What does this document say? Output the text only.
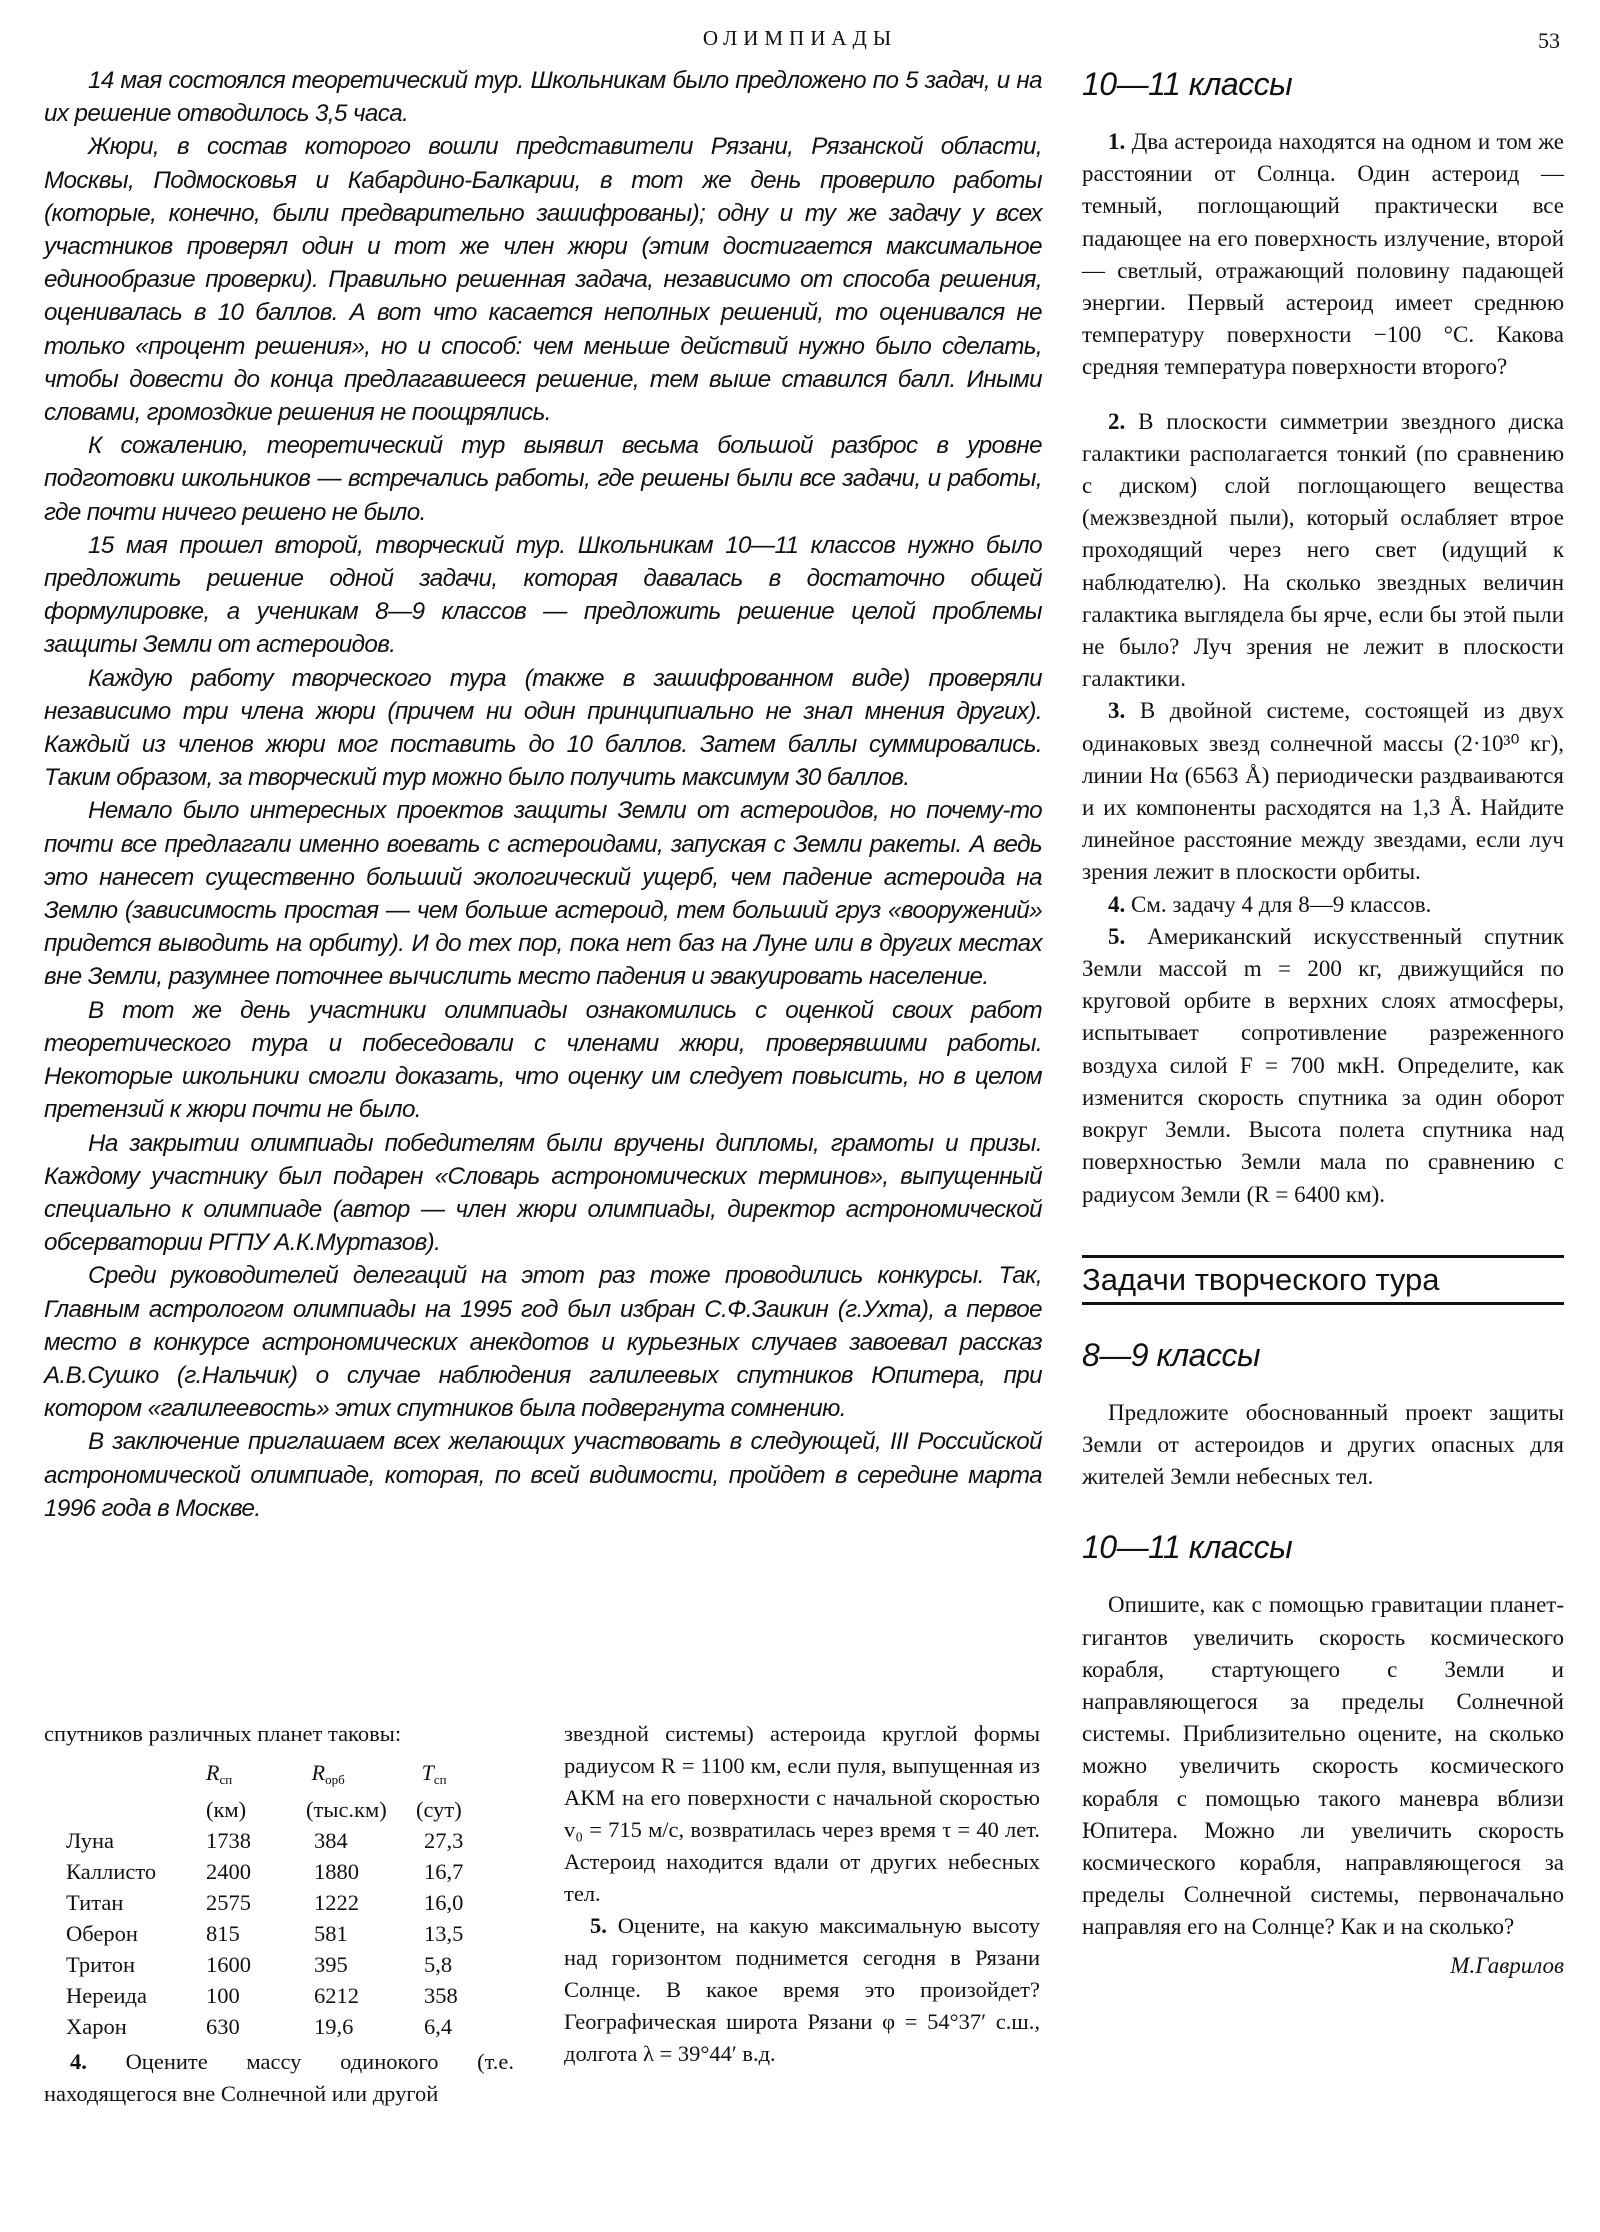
ОЛИМПИАДЫ	53

14 мая состоялся теоретический тур. Школьникам было предложено по 5 задач, и на их решение отводилось 3,5 часа.

Жюри, в состав которого вошли представители Рязани, Рязанской области, Москвы, Подмосковья и Кабардино-Балкарии, в тот же день проверило работы (которые, конечно, были предварительно зашифрованы); одну и ту же задачу у всех участников проверял один и тот же член жюри (этим достигается максимальное единообразие проверки). Правильно решенная задача, независимо от способа решения, оценивалась в 10 баллов. А вот что касается неполных решений, то оценивался не только «процент решения», но и способ: чем меньше действий нужно было сделать, чтобы довести до конца предлагавшееся решение, тем выше ставился балл. Иными словами, громоздкие решения не поощрялись.

К сожалению, теоретический тур выявил весьма большой разброс в уровне подготовки школьников — встречались работы, где решены были все задачи, и работы, где почти ничего решено не было.

15 мая прошел второй, творческий тур. Школьникам 10—11 классов нужно было предложить решение одной задачи, которая давалась в достаточно общей формулировке, а ученикам 8—9 классов — предложить решение целой проблемы защиты Земли от астероидов.

Каждую работу творческого тура (также в зашифрованном виде) проверяли независимо три члена жюри (причем ни один принципиально не знал мнения других). Каждый из членов жюри мог поставить до 10 баллов. Затем баллы суммировались. Таким образом, за творческий тур можно было получить максимум 30 баллов.

Немало было интересных проектов защиты Земли от астероидов, но почему-то почти все предлагали именно воевать с астероидами, запуская с Земли ракеты. А ведь это нанесет существенно больший экологический ущерб, чем падение астероида на Землю (зависимость простая — чем больше астероид, тем больший груз «вооружений» придется выводить на орбиту). И до тех пор, пока нет баз на Луне или в других местах вне Земли, разумнее поточнее вычислить место падения и эвакуировать население.

В тот же день участники олимпиады ознакомились с оценкой своих работ теоретического тура и побеседовали с членами жюри, проверявшими работы. Некоторые школьники смогли доказать, что оценку им следует повысить, но в целом претензий к жюри почти не было.

На закрытии олимпиады победителям были вручены дипломы, грамоты и призы. Каждому участнику был подарен «Словарь астрономических терминов», выпущенный специально к олимпиаде (автор — член жюри олимпиады, директор астрономической обсерватории РГПУ А.К.Муртазов).

Среди руководителей делегаций на этот раз тоже проводились конкурсы. Так, Главным астрологом олимпиады на 1995 год был избран С.Ф.Заикин (г.Ухта), а первое место в конкурсе астрономических анекдотов и курьезных случаев завоевал рассказ А.В.Сушко (г.Нальчик) о случае наблюдения галилеевых спутников Юпитера, при котором «галилеевость» этих спутников была подвергнута сомнению.

В заключение приглашаем всех желающих участвовать в следующей, III Российской астрономической олимпиаде, которая, по всей видимости, пройдет в середине марта 1996 года в Москве.

10—11 классы

1. Два астероида находятся на одном и том же расстоянии от Солнца. Один астероид — темный, поглощающий практически все падающее на его поверхность излучение, второй — светлый, отражающий половину падающей энергии. Первый астероид имеет среднюю температуру поверхности −100 °С. Какова средняя температура поверхности второго?

2. В плоскости симметрии звездного диска галактики располагается тонкий (по сравнению с диском) слой поглощающего вещества (межзвездной пыли), который ослабляет втрое проходящий через него свет (идущий к наблюдателю). На сколько звездных величин галактика выглядела бы ярче, если бы этой пыли не было? Луч зрения не лежит в плоскости галактики.

3. В двойной системе, состоящей из двух одинаковых звезд солнечной массы (2·10³⁰ кг), линии Hα (6563 Å) периодически раздваиваются и их компоненты расходятся на 1,3 Å. Найдите линейное расстояние между звездами, если луч зрения лежит в плоскости орбиты.

4. См. задачу 4 для 8—9 классов.

5. Американский искусственный спутник Земли массой m = 200 кг, движущийся по круговой орбите в верхних слоях атмосферы, испытывает сопротивление разреженного воздуха силой F = 700 мкН. Определите, как изменится скорость спутника за один оборот вокруг Земли. Высота полета спутника над поверхностью Земли мала по сравнению с радиусом Земли (R = 6400 км).

Задачи творческого тура
8—9 классы

Предложите обоснованный проект защиты Земли от астероидов и других опасных для жителей Земли небесных тел.

10—11 классы

Опишите, как с помощью гравитации планет-гигантов увеличить скорость космического корабля, стартующего с Земли и направляющегося за пределы Солнечной системы. Приблизительно оцените, на сколько можно увеличить скорость космического корабля с помощью такого маневра вблизи Юпитера. Можно ли увеличить скорость космического корабля, направляющегося за пределы Солнечной системы, первоначально направляя его на Солнце? Как и на сколько?

М.Гаврилов

спутников различных планет таковы:

	$R_{сп}$	$R_{орб}$	$T_{сп}$
	(км)	(тыс.км)	(сут)
Луна	1738	384	27,3
Каллисто	2400	1880	16,7
Титан	2575	1222	16,0
Оберон	815	581	13,5
Тритон	1600	395	5,8
Нереида	100	6212	358
Харон	630	19,6	6,4

4. Оцените массу одинокого (т.е. находящегося вне Солнечной или другой

звездной системы) астероида круглой формы радиусом R = 1100 км, если пуля, выпущенная из АКМ на его поверхности с начальной скоростью v₀ = 715 м/с, возвратилась через время τ = 40 лет. Астероид находится вдали от других небесных тел.

5. Оцените, на какую максимальную высоту над горизонтом поднимется сегодня в Рязани Солнце. В какое время это произойдет? Географическая широта Рязани φ = 54°37′ с.ш., долгота λ = 39°44′ в.д.
